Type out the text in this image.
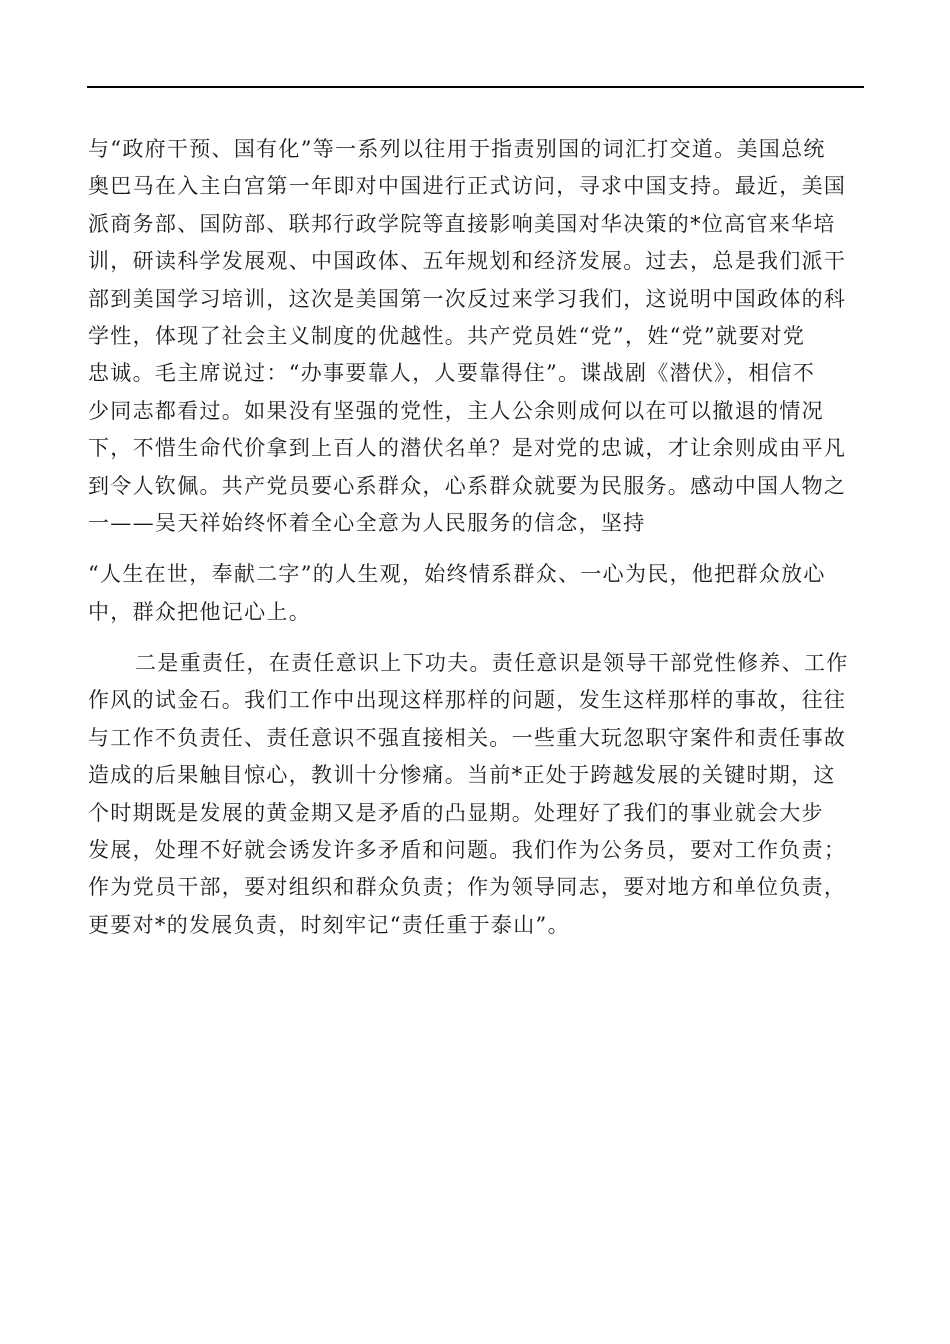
与“政府干预、国有化”等一系列以往用于指责别国的词汇打交道。美国总统
奥巴马在入主白宫第一年即对中国进行正式访问，寻求中国支持。最近，美国
派商务部、国防部、联邦行政学院等直接影响美国对华决策的*位高官来华培
训，研读科学发展观、中国政体、五年规划和经济发展。过去，总是我们派干
部到美国学习培训，这次是美国第一次反过来学习我们，这说明中国政体的科
学性，体现了社会主义制度的优越性。共产党员姓“党”，姓“党”就要对党
忠诚。毛主席说过：“办事要靠人，人要靠得住”。谍战剧《潜伏》，相信不
少同志都看过。如果没有坚强的党性，主人公余则成何以在可以撤退的情况
下，不惜生命代价拿到上百人的潜伏名单？是对党的忠诚，才让余则成由平凡
到令人钦佩。共产党员要心系群众，心系群众就要为民服务。感动中国人物之
一——吴天祥始终怀着全心全意为人民服务的信念，坚持
“人生在世，奉献二字”的人生观，始终情系群众、一心为民，他把群众放心
中，群众把他记心上。
二是重责任，在责任意识上下功夫。责任意识是领导干部党性修养、工作
作风的试金石。我们工作中出现这样那样的问题，发生这样那样的事故，往往
与工作不负责任、责任意识不强直接相关。一些重大玩忽职守案件和责任事故
造成的后果触目惊心，教训十分惨痛。当前*正处于跨越发展的关键时期，这
个时期既是发展的黄金期又是矛盾的凸显期。处理好了我们的事业就会大步
发展，处理不好就会诱发许多矛盾和问题。我们作为公务员，要对工作负责；
作为党员干部，要对组织和群众负责；作为领导同志，要对地方和单位负责，
更要对*的发展负责，时刻牢记“责任重于泰山”。
